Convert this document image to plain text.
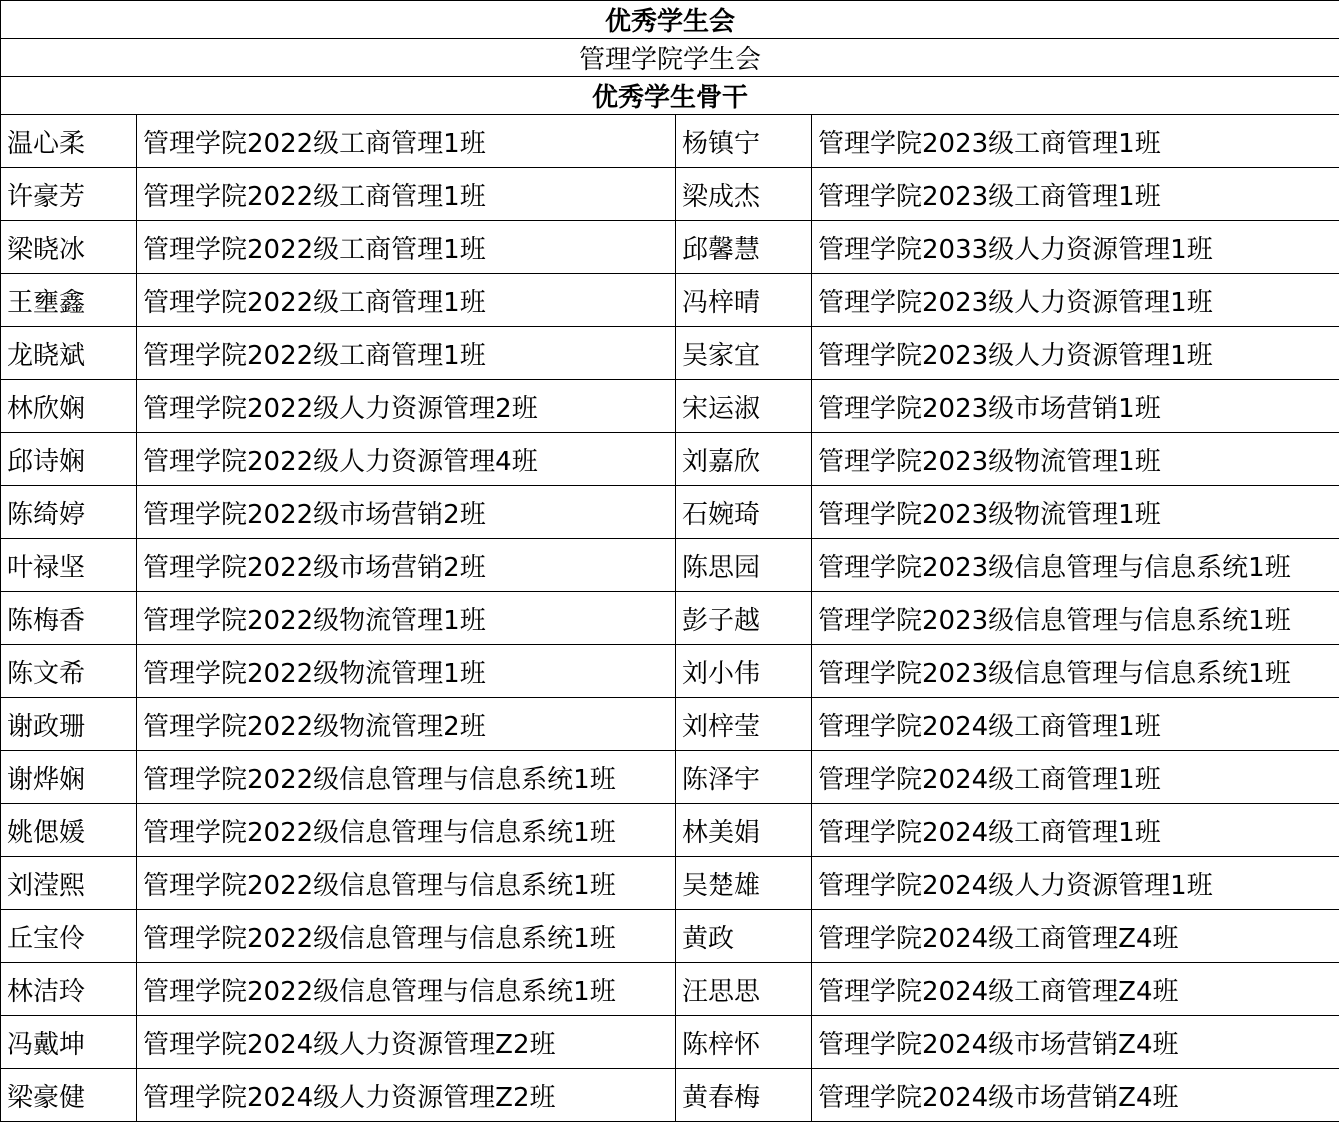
优秀学生会			
管理学院学生会			
优秀学生骨干			
温心柔	管理学院2022级工商管理1班	杨镇宁	管理学院2023级工商管理1班
许豪芳	管理学院2022级工商管理1班	梁成杰	管理学院2023级工商管理1班
梁晓冰	管理学院2022级工商管理1班	邱馨慧	管理学院2033级人力资源管理1班
王壅鑫	管理学院2022级工商管理1班	冯梓晴	管理学院2023级人力资源管理1班
龙晓斌	管理学院2022级工商管理1班	吴家宜	管理学院2023级人力资源管理1班
林欣娴	管理学院2022级人力资源管理2班	宋运淑	管理学院2023级市场营销1班
邱诗娴	管理学院2022级人力资源管理4班	刘嘉欣	管理学院2023级物流管理1班
陈绮婷	管理学院2022级市场营销2班	石婉琦	管理学院2023级物流管理1班
叶禄坚	管理学院2022级市场营销2班	陈思园	管理学院2023级信息管理与信息系统1班
陈梅香	管理学院2022级物流管理1班	彭子越	管理学院2023级信息管理与信息系统1班
陈文希	管理学院2022级物流管理1班	刘小伟	管理学院2023级信息管理与信息系统1班
谢政珊	管理学院2022级物流管理2班	刘梓莹	管理学院2024级工商管理1班
谢烨娴	管理学院2022级信息管理与信息系统1班	陈泽宇	管理学院2024级工商管理1班
姚偲媛	管理学院2022级信息管理与信息系统1班	林美娟	管理学院2024级工商管理1班
刘滢熙	管理学院2022级信息管理与信息系统1班	吴楚雄	管理学院2024级人力资源管理1班
丘宝伶	管理学院2022级信息管理与信息系统1班	黄政	管理学院2024级工商管理Z4班
林洁玲	管理学院2022级信息管理与信息系统1班	汪思思	管理学院2024级工商管理Z4班
冯戴坤	管理学院2024级人力资源管理Z2班	陈梓怀	管理学院2024级市场营销Z4班
梁豪健	管理学院2024级人力资源管理Z2班	黄春梅	管理学院2024级市场营销Z4班
